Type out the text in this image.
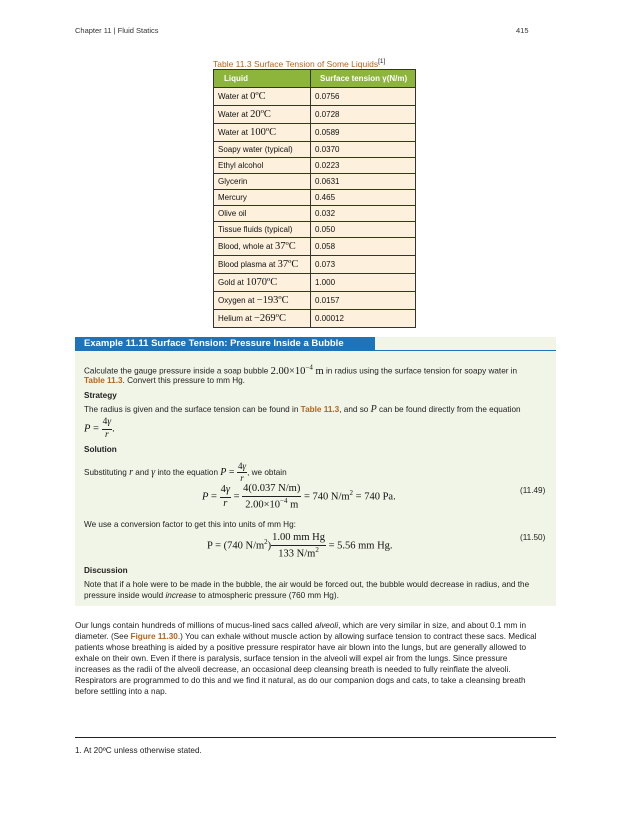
Chapter 11 | Fluid Statics	415
Table 11.3 Surface Tension of Some Liquids[1]
Liquid	Surface tension γ(N/m)
Water at 0ºC	0.0756
Water at 20ºC	0.0728
Water at 100ºC	0.0589
Soapy water (typical)	0.0370
Ethyl alcohol	0.0223
Glycerin	0.0631
Mercury	0.465
Olive oil	0.032
Tissue fluids (typical)	0.050
Blood, whole at 37ºC	0.058
Blood plasma at 37ºC	0.073
Gold at 1070ºC	1.000
Oxygen at −193ºC	0.0157
Helium at −269ºC	0.00012
Example 11.11 Surface Tension: Pressure Inside a Bubble
Calculate the gauge pressure inside a soap bubble $2.00\times 10^{-4}$ m in radius using the surface tension for soapy water in
Table 11.3. Convert this pressure to mm Hg.
Strategy
The radius is given and the surface tension can be found in Table 11.3, and so P can be found directly from the equation
$P = \frac{4\gamma}{r}$ .
Solution
Substituting r and γ into the equation $P = \frac{4\gamma}{r}$ , we obtain
$P = \frac{4\gamma}{r} = \frac{4(0.037 N/m)}{2.00\times 10^{-4} m} = 740$ $N/m^2 = 740$ Pa.
(11.49)
We use a conversion factor to get this into units of mm Hg:
P = (740 $N/m^2) \frac{\text{1.00 mm Hg}}{133 N/m^2} = 5.56$ mm Hg.
(11.50)
Discussion
Note that if a hole were to be made in the bubble, the air would be forced out, the bubble would decrease in radius, and the
pressure inside would increase to atmospheric pressure (760 mm Hg).
Our lungs contain hundreds of millions of mucus-lined sacs called alveoli, which are very similar in size, and about 0.1 mm in
diameter. (See Figure 11.30.) You can exhale without muscle action by allowing surface tension to contract these sacs. Medical
patients whose breathing is aided by a positive pressure respirator have air blown into the lungs, but are generally allowed to
exhale on their own. Even if there is paralysis, surface tension in the alveoli will expel air from the lungs. Since pressure
increases as the radii of the alveoli decrease, an occasional deep cleansing breath is needed to fully reinflate the alveoli.
Respirators are programmed to do this and we find it natural, as do our companion dogs and cats, to take a cleansing breath
before settling into a nap.
1. At 20ºC unless otherwise stated.
